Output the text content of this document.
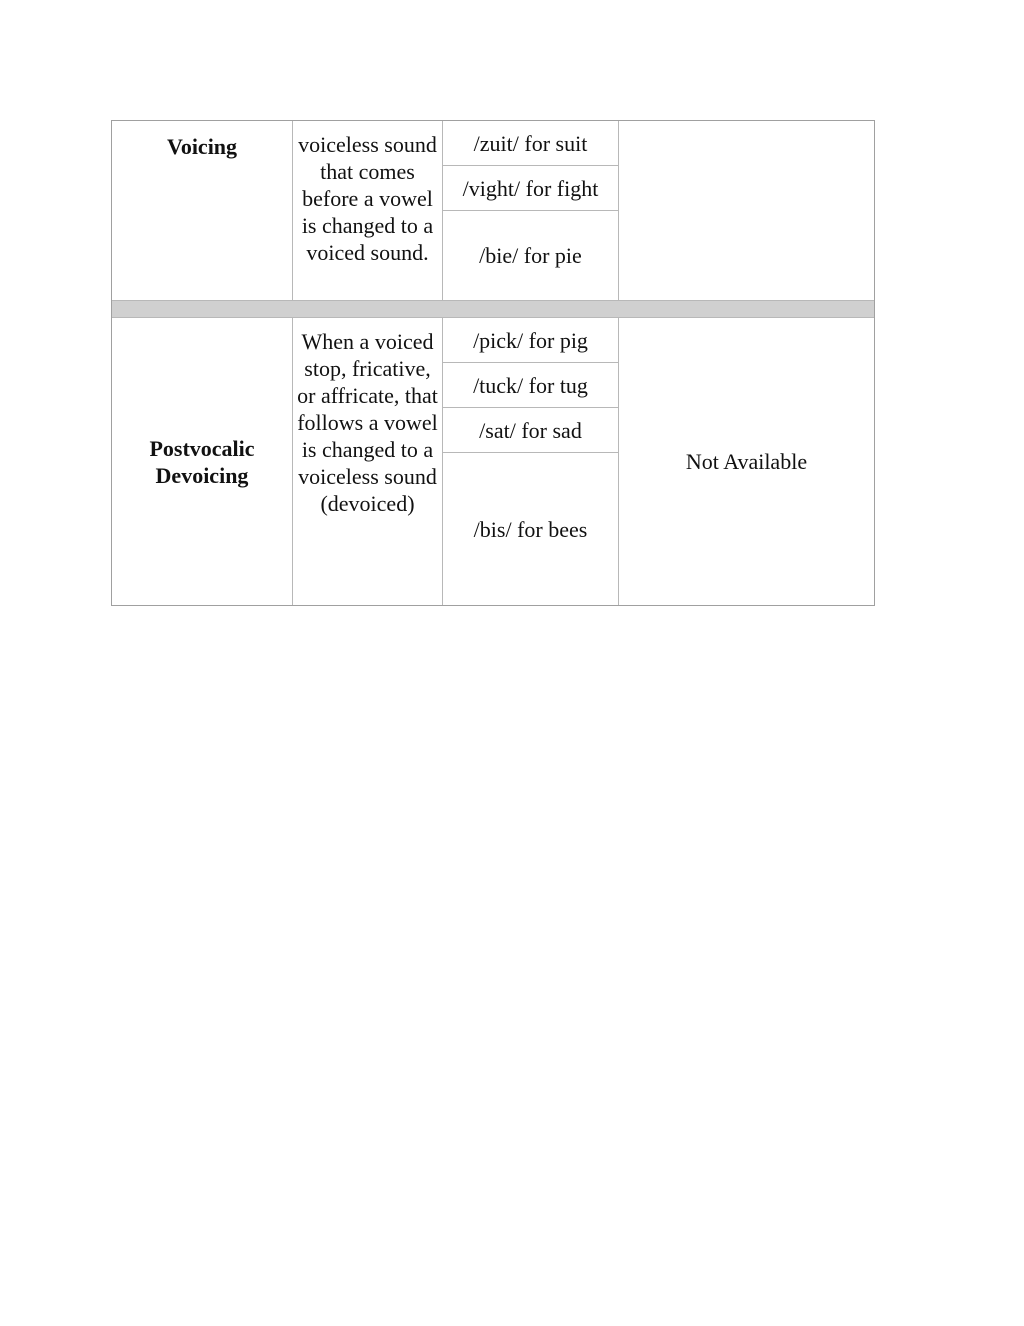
Voicing	voiceless sound that comes before a vowel is changed to a voiced sound.
/zuit/ for suit
/vight/ for fight
/bie/ for pie
Postvocalic Devoicing
When a voiced stop, fricative, or affricate, that follows a vowel is changed to a voiceless sound (devoiced)
/pick/ for pig
/tuck/ for tug
/sat/ for sad
/bis/ for bees
Not Available
